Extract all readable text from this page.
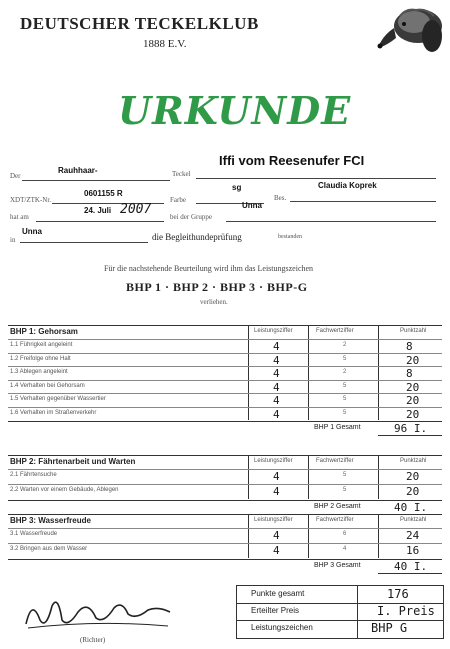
DEUTSCHER TECKELKLUB
1888 E.V.
URKUNDE
Der
Rauhhaar-	Teckel
Iffi vom Reesenufer FCI
XDT/ZTK-Nr.
0601155 R
Farbe
sg
Bes.
Claudia Koprek
hat am
24. Juli 2007	bei der Gruppe
Unna
in
Unna
die Begleithundeprüfung	bestanden
Für die nachstehende Beurteilung wird ihm das Leistungszeichen
BHP 1 · BHP 2 · BHP 3 · BHP-G
verliehen.
BHP 1: Gehorsam	Leistungsziffer	Fachwertziffer	Punktzahl
1.1 Führigkeit angeleint	4	2	8
1.2 Freifolge ohne Halt	4	5	20
1.3 Ablegen angeleint	4	2	8
1.4 Verhalten bei Gehorsam	4	5	20
1.5 Verhalten gegenüber Wassertier	4	5	20
1.6 Verhalten im Straßenverkehr	4	5	20
BHP 1 Gesamt	96 I.
BHP 2: Fährtenarbeit und Warten	Leistungsziffer	Fachwertziffer	Punktzahl
2.1 Fährtensuche	4	5	20
2.2 Warten vor einem Gebäude, Ablegen	4	5	20
BHP 2 Gesamt	40 I.
BHP 3: Wasserfreude	Leistungsziffer	Fachwertziffer	Punktzahl
3.1 Wasserfreude	4	6	24
3.2 Bringen aus dem Wasser	4	4	16
BHP 3 Gesamt	40 I.
Punkte gesamt	176
Erteilter Preis	I. Preis
Leistungszeichen	BHP G
(Richter)
